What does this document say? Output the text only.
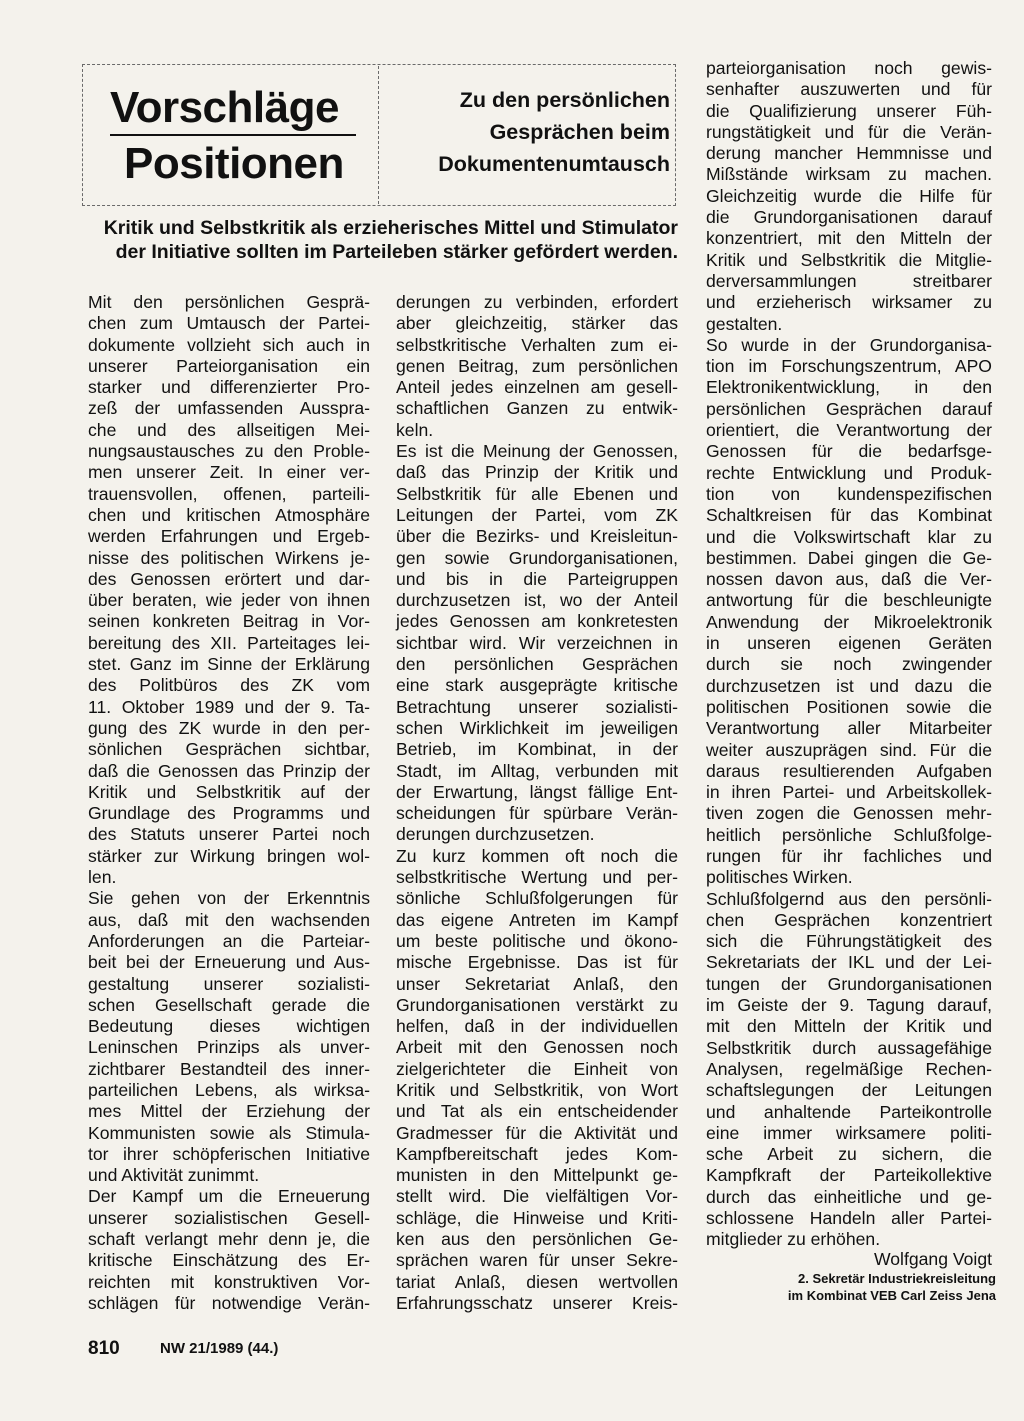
Vorschläge
Positionen
Zu den persönlichen
Gesprächen beim
Dokumentenumtausch
Kritik und Selbstkritik als erzieherisches Mittel und Stimulator
der Initiative sollten im Parteileben stärker gefördert werden.
Mit den persönlichen Gesprä-
chen zum Umtausch der Partei-
dokumente vollzieht sich auch in
unserer Parteiorganisation ein
starker und differenzierter Pro-
zeß der umfassenden Ausspra-
che und des allseitigen Mei-
nungsaustausches zu den Proble-
men unserer Zeit. In einer ver-
trauensvollen, offenen, parteili-
chen und kritischen Atmosphäre
werden Erfahrungen und Ergeb-
nisse des politischen Wirkens je-
des Genossen erörtert und dar-
über beraten, wie jeder von ihnen
seinen konkreten Beitrag in Vor-
bereitung des XII. Parteitages lei-
stet. Ganz im Sinne der Erklärung
des Politbüros des ZK vom
11. Oktober 1989 und der 9. Ta-
gung des ZK wurde in den per-
sönlichen Gesprächen sichtbar,
daß die Genossen das Prinzip der
Kritik und Selbstkritik auf der
Grundlage des Programms und
des Statuts unserer Partei noch
stärker zur Wirkung bringen wol-
len.
Sie gehen von der Erkenntnis
aus, daß mit den wachsenden
Anforderungen an die Parteiar-
beit bei der Erneuerung und Aus-
gestaltung unserer sozialisti-
schen Gesellschaft gerade die
Bedeutung dieses wichtigen
Leninschen Prinzips als unver-
zichtbarer Bestandteil des inner-
parteilichen Lebens, als wirksa-
mes Mittel der Erziehung der
Kommunisten sowie als Stimula-
tor ihrer schöpferischen Initiative
und Aktivität zunimmt.
Der Kampf um die Erneuerung
unserer sozialistischen Gesell-
schaft verlangt mehr denn je, die
kritische Einschätzung des Er-
reichten mit konstruktiven Vor-
schlägen für notwendige Verän-
derungen zu verbinden, erfordert
aber gleichzeitig, stärker das
selbstkritische Verhalten zum ei-
genen Beitrag, zum persönlichen
Anteil jedes einzelnen am gesell-
schaftlichen Ganzen zu entwik-
keln.
Es ist die Meinung der Genossen,
daß das Prinzip der Kritik und
Selbstkritik für alle Ebenen und
Leitungen der Partei, vom ZK
über die Bezirks- und Kreisleitun-
gen sowie Grundorganisationen,
und bis in die Parteigruppen
durchzusetzen ist, wo der Anteil
jedes Genossen am konkretesten
sichtbar wird. Wir verzeichnen in
den persönlichen Gesprächen
eine stark ausgeprägte kritische
Betrachtung unserer sozialisti-
schen Wirklichkeit im jeweiligen
Betrieb, im Kombinat, in der
Stadt, im Alltag, verbunden mit
der Erwartung, längst fällige Ent-
scheidungen für spürbare Verän-
derungen durchzusetzen.
Zu kurz kommen oft noch die
selbstkritische Wertung und per-
sönliche Schlußfolgerungen für
das eigene Antreten im Kampf
um beste politische und ökono-
mische Ergebnisse. Das ist für
unser Sekretariat Anlaß, den
Grundorganisationen verstärkt zu
helfen, daß in der individuellen
Arbeit mit den Genossen noch
zielgerichteter die Einheit von
Kritik und Selbstkritik, von Wort
und Tat als ein entscheidender
Gradmesser für die Aktivität und
Kampfbereitschaft jedes Kom-
munisten in den Mittelpunkt ge-
stellt wird. Die vielfältigen Vor-
schläge, die Hinweise und Kriti-
ken aus den persönlichen Ge-
sprächen waren für unser Sekre-
tariat Anlaß, diesen wertvollen
Erfahrungsschatz unserer Kreis-
parteiorganisation noch gewis-
senhafter auszuwerten und für
die Qualifizierung unserer Füh-
rungstätigkeit und für die Verän-
derung mancher Hemmnisse und
Mißstände wirksam zu machen.
Gleichzeitig wurde die Hilfe für
die Grundorganisationen darauf
konzentriert, mit den Mitteln der
Kritik und Selbstkritik die Mitglie-
derversammlungen streitbarer
und erzieherisch wirksamer zu
gestalten.
So wurde in der Grundorganisa-
tion im Forschungszentrum, APO
Elektronikentwicklung, in den
persönlichen Gesprächen darauf
orientiert, die Verantwortung der
Genossen für die bedarfsge-
rechte Entwicklung und Produk-
tion von kundenspezifischen
Schaltkreisen für das Kombinat
und die Volkswirtschaft klar zu
bestimmen. Dabei gingen die Ge-
nossen davon aus, daß die Ver-
antwortung für die beschleunigte
Anwendung der Mikroelektronik
in unseren eigenen Geräten
durch sie noch zwingender
durchzusetzen ist und dazu die
politischen Positionen sowie die
Verantwortung aller Mitarbeiter
weiter auszuprägen sind. Für die
daraus resultierenden Aufgaben
in ihren Partei- und Arbeitskollek-
tiven zogen die Genossen mehr-
heitlich persönliche Schlußfolge-
rungen für ihr fachliches und
politisches Wirken.
Schlußfolgernd aus den persönli-
chen Gesprächen konzentriert
sich die Führungstätigkeit des
Sekretariats der IKL und der Lei-
tungen der Grundorganisationen
im Geiste der 9. Tagung darauf,
mit den Mitteln der Kritik und
Selbstkritik durch aussagefähige
Analysen, regelmäßige Rechen-
schaftslegungen der Leitungen
und anhaltende Parteikontrolle
eine immer wirksamere politi-
sche Arbeit zu sichern, die
Kampfkraft der Parteikollektive
durch das einheitliche und ge-
schlossene Handeln aller Partei-
mitglieder zu erhöhen.
Wolfgang Voigt
2. Sekretär Industriekreisleitung
im Kombinat VEB Carl Zeiss Jena
810	NW 21/1989 (44.)
